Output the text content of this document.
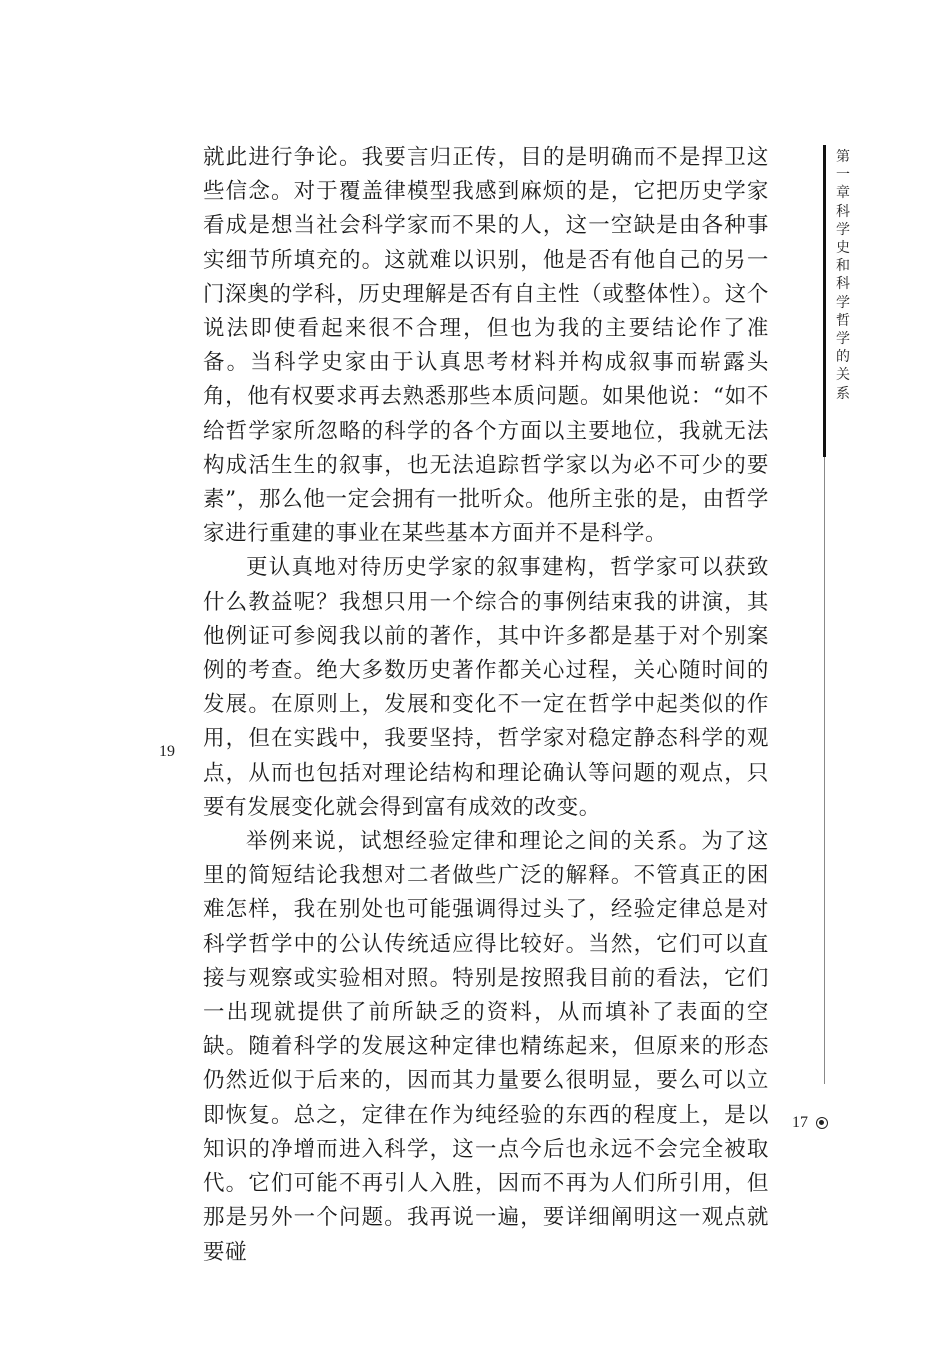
就此进行争论。我要言归正传，目的是明确而不是捍卫这些信念。对于覆盖律模型我感到麻烦的是，它把历史学家看成是想当社会科学家而不果的人，这一空缺是由各种事实细节所填充的。这就难以识别，他是否有他自己的另一门深奥的学科，历史理解是否有自主性（或整体性）。这个说法即使看起来很不合理，但也为我的主要结论作了准备。当科学史家由于认真思考材料并构成叙事而崭露头角，他有权要求再去熟悉那些本质问题。如果他说：“如不给哲学家所忽略的科学的各个方面以主要地位，我就无法构成活生生的叙事，也无法追踪哲学家以为必不可少的要素”，那么他一定会拥有一批听众。他所主张的是，由哲学家进行重建的事业在某些基本方面并不是科学。

更认真地对待历史学家的叙事建构，哲学家可以获致什么教益呢？我想只用一个综合的事例结束我的讲演，其他例证可参阅我以前的著作，其中许多都是基于对个别案例的考查。绝大多数历史著作都关心过程，关心随时间的发展。在原则上，发展和变化不一定在哲学中起类似的作用，但在实践中，我要坚持，哲学家对稳定静态科学的观点，从而也包括对理论结构和理论确认等问题的观点，只要有发展变化就会得到富有成效的改变。

举例来说，试想经验定律和理论之间的关系。为了这里的简短结论我想对二者做些广泛的解释。不管真正的困难怎样，我在别处也可能强调得过头了，经验定律总是对科学哲学中的公认传统适应得比较好。当然，它们可以直接与观察或实验相对照。特别是按照我目前的看法，它们一出现就提供了前所缺乏的资料，从而填补了表面的空缺。随着科学的发展这种定律也精练起来，但原来的形态仍然近似于后来的，因而其力量要么很明显，要么可以立即恢复。总之，定律在作为纯经验的东西的程度上，是以知识的净增而进入科学，这一点今后也永远不会完全被取代。它们可能不再引人入胜，因而不再为人们所引用，但那是另外一个问题。我再说一遍，要详细阐明这一观点就要碰

19
第一章　科学史和科学哲学的关系
17
